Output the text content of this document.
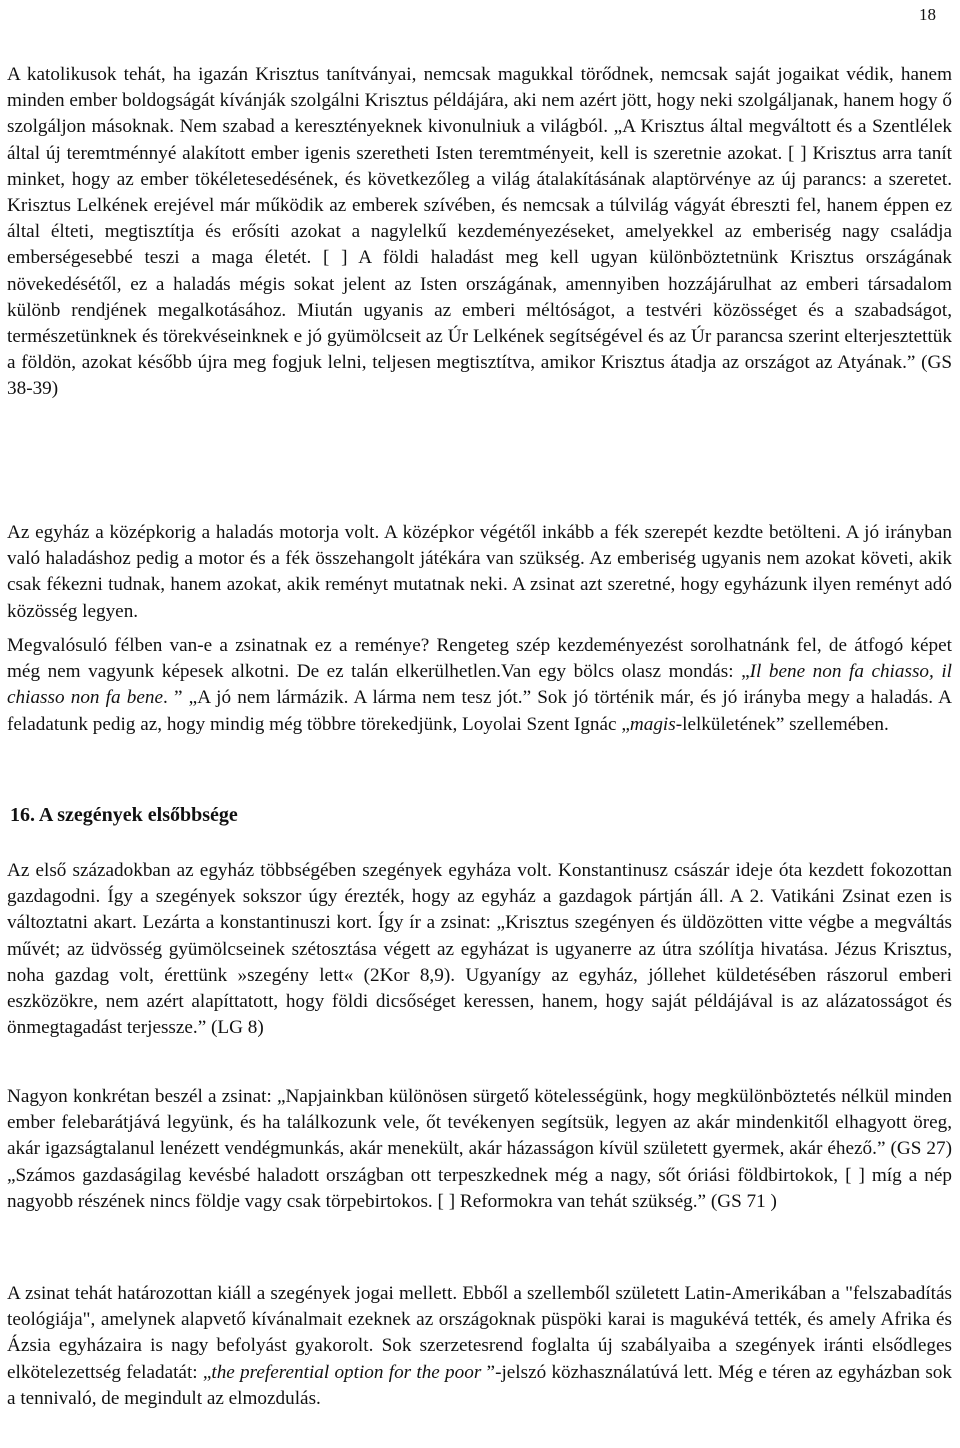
18

A katolikusok tehát, ha igazán Krisztus tanítványai, nemcsak magukkal törődnek, nemcsak saját jogaikat védik, hanem minden ember boldogságát kívánják szolgálni Krisztus példájára, aki nem azért jött, hogy neki szolgáljanak, hanem hogy ő szolgáljon másoknak. Nem szabad a keresztényeknek kivonulniuk a világból. „A Krisztus által megváltott és a Szentlélek által új teremtménnyé alakított ember igenis szeretheti Isten teremtményeit, kell is szeretnie azokat. [ ] Krisztus arra tanít minket, hogy az ember tökéletesedésének, és következőleg a világ átalakításának alaptörvénye az új parancs: a szeretet. Krisztus Lelkének erejével már működik az emberek szívében, és nemcsak a túlvilág vágyát ébreszti fel, hanem éppen ez által élteti, megtisztítja és erősíti azokat a nagylelkű kezdeményezéseket, amelyekkel az emberiség nagy családja emberségesebbé teszi a maga életét. [ ] A földi haladást meg kell ugyan különböztetnünk Krisztus országának növekedésétől, ez a haladás mégis sokat jelent az Isten országának, amennyiben hozzájárulhat az emberi társadalom különb rendjének megalkotásához. Miután ugyanis az emberi méltóságot, a testvéri közösséget és a szabadságot, természetünknek és törekvéseinknek e jó gyümölcseit az Úr Lelkének segítségével és az Úr parancsa szerint elterjesztettük a földön, azokat később újra meg fogjuk lelni, teljesen megtisztítva, amikor Krisztus átadja az országot az Atyának.” (GS 38-39)

Az egyház a középkorig a haladás motorja volt. A középkor végétől inkább a fék szerepét kezdte betölteni. A jó irányban való haladáshoz pedig a motor és a fék összehangolt játékára van szükség. Az emberiség ugyanis nem azokat követi, akik csak fékezni tudnak, hanem azokat, akik reményt mutatnak neki. A zsinat azt szeretné, hogy egyházunk ilyen reményt adó közösség legyen.

Megvalósuló félben van-e a zsinatnak ez a reménye? Rengeteg szép kezdeményezést sorolhatnánk fel, de átfogó képet még nem vagyunk képesek alkotni. De ez talán elkerülhetlen.Van egy bölcs olasz mondás: „Il bene non fa chiasso, il chiasso non fa bene. ” „A jó nem lármázik. A lárma nem tesz jót.” Sok jó történik már, és jó irányba megy a haladás. A feladatunk pedig az, hogy mindig még többre törekedjünk, Loyolai Szent Ignác „magis-lelkületének” szellemében.

16. A szegények elsőbbsége

Az első századokban az egyház többségében szegények egyháza volt. Konstantinusz császár ideje óta kezdett fokozottan gazdagodni. Így a szegények sokszor úgy érezték, hogy az egyház a gazdagok pártján áll. A 2. Vatikáni Zsinat ezen is változtatni akart. Lezárta a konstantinuszi kort. Így ír a zsinat: „Krisztus szegényen és üldözötten vitte végbe a megváltás művét; az üdvösség gyümölcseinek szétosztása végett az egyházat is ugyanerre az útra szólítja hivatása. Jézus Krisztus, noha gazdag volt, érettünk »szegény lett« (2Kor 8,9). Ugyanígy az egyház, jóllehet küldetésében rászorul emberi eszközökre, nem azért alapíttatott, hogy földi dicsőséget keressen, hanem, hogy saját példájával is az alázatosságot és önmegtagadást terjessze.” (LG 8)

Nagyon konkrétan beszél a zsinat: „Napjainkban különösen sürgető kötelességünk, hogy megkülönböztetés nélkül minden ember felebarátjává legyünk, és ha találkozunk vele, őt tevékenyen segítsük, legyen az akár mindenkitől elhagyott öreg, akár igazságtalanul lenézett vendégmunkás, akár menekült, akár házasságon kívül született gyermek, akár éhező.” (GS 27) „Számos gazdaságilag kevésbé haladott országban ott terpeszkednek még a nagy, sőt óriási földbirtokok, [ ] míg a nép nagyobb részének nincs földje vagy csak törpebirtokos. [ ] Reformokra van tehát szükség.” (GS 71 )

A zsinat tehát határozottan kiáll a szegények jogai mellett. Ebből a szellemből született Latin-Amerikában a "felszabadítás teológiája", amelynek alapvető kívánalmait ezeknek az országoknak püspöki karai is magukévá tették, és amely Afrika és Ázsia egyházaira is nagy befolyást gyakorolt. Sok szerzetesrend foglalta új szabályaiba a szegények iránti elsődleges elkötelezettség feladatát: „the preferential option for the poor ”-jelszó közhasználatúvá lett. Még e téren az egyházban sok a tennivaló, de megindult az elmozdulás.
